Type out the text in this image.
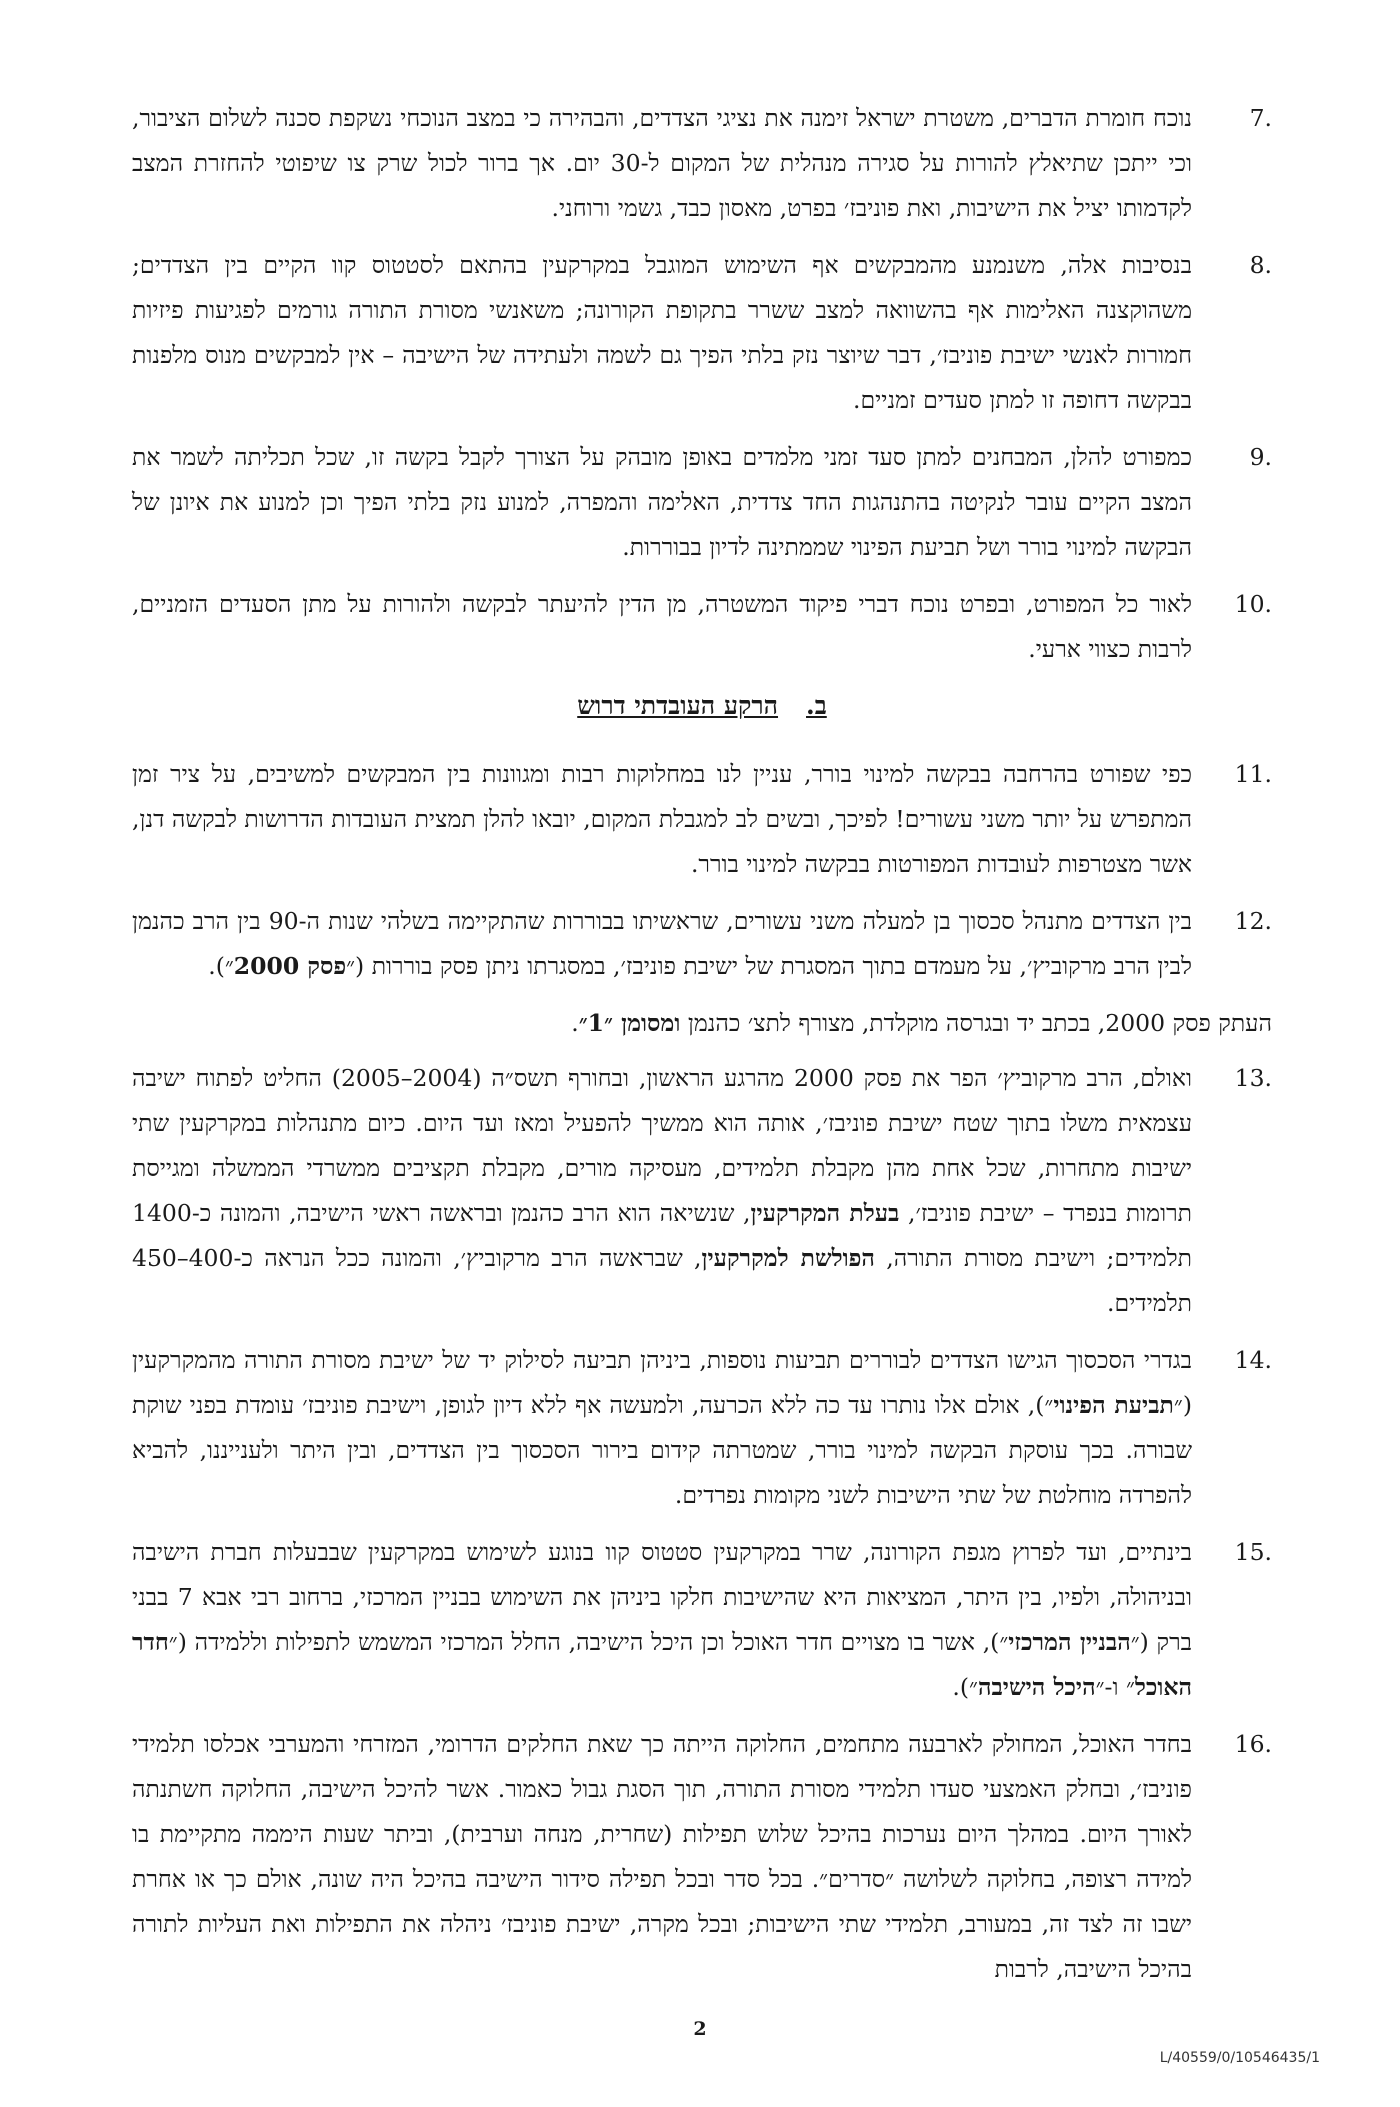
7.
נוכח חומרת הדברים, משטרת ישראל זימנה את נציגי הצדדים, והבהירה כי במצב הנוכחי נשקפת סכנה לשלום הציבור, וכי ייתכן שתיאלץ להורות על סגירה מנהלית של המקום ל-30 יום. אך ברור לכול שרק צו שיפוטי להחזרת המצב לקדמותו יציל את הישיבות, ואת פוניבז׳ בפרט, מאסון כבד, גשמי ורוחני.

8.
בנסיבות אלה, משנמנע מהמבקשים אף השימוש המוגבל במקרקעין בהתאם לסטטוס קוו הקיים בין הצדדים; משהוקצנה האלימות אף בהשוואה למצב ששרר בתקופת הקורונה; משאנשי מסורת התורה גורמים לפגיעות פיזיות חמורות לאנשי ישיבת פוניבז׳, דבר שיוצר נזק בלתי הפיך גם לשמה ולעתידה של הישיבה – אין למבקשים מנוס מלפנות בבקשה דחופה זו למתן סעדים זמניים.

9.
כמפורט להלן, המבחנים למתן סעד זמני מלמדים באופן מובהק על הצורך לקבל בקשה זו, שכל תכליתה לשמר את המצב הקיים עובר לנקיטה בהתנהגות החד צדדית, האלימה והמפרה, למנוע נזק בלתי הפיך וכן למנוע את איונן של הבקשה למינוי בורר ושל תביעת הפינוי שממתינה לדיון בבוררות.

10.
לאור כל המפורט, ובפרט נוכח דברי פיקוד המשטרה, מן הדין להיעתר לבקשה ולהורות על מתן הסעדים הזמניים, לרבות כצווי ארעי.

ב.הרקע העובדתי דרוש

11.
כפי שפורט בהרחבה בבקשה למינוי בורר, עניין לנו במחלוקות רבות ומגוונות בין המבקשים למשיבים, על ציר זמן המתפרש על יותר משני עשורים! לפיכך, ובשים לב למגבלת המקום, יובאו להלן תמצית העובדות הדרושות לבקשה דנן, אשר מצטרפות לעובדות המפורטות בבקשה למינוי בורר.

12.
בין הצדדים מתנהל סכסוך בן למעלה משני עשורים, שראשיתו בבוררות שהתקיימה בשלהי שנות ה-90 בין הרב כהנמן לבין הרב מרקוביץ׳, על מעמדם בתוך המסגרת של ישיבת פוניבז׳, במסגרתו ניתן פסק בוררות (״פסק 2000״).

העתק פסק 2000, בכתב יד ובגרסה מוקלדת, מצורף לתצ׳ כהנמן ומסומן ״1״.

13.
ואולם, הרב מרקוביץ׳ הפר את פסק 2000 מהרגע הראשון, ובחורף תשס״ה (2004–2005) החליט לפתוח ישיבה עצמאית משלו בתוך שטח ישיבת פוניבז׳, אותה הוא ממשיך להפעיל ומאז ועד היום. כיום מתנהלות במקרקעין שתי ישיבות מתחרות, שכל אחת מהן מקבלת תלמידים, מעסיקה מורים, מקבלת תקציבים ממשרדי הממשלה ומגייסת תרומות בנפרד – ישיבת פוניבז׳, בעלת המקרקעין, שנשיאה הוא הרב כהנמן ובראשה ראשי הישיבה, והמונה כ-1400 תלמידים; וישיבת מסורת התורה, הפולשת למקרקעין, שבראשה הרב מרקוביץ׳, והמונה ככל הנראה כ-400–450 תלמידים.

14.
בגדרי הסכסוך הגישו הצדדים לבוררים תביעות נוספות, ביניהן תביעה לסילוק יד של ישיבת מסורת התורה מהמקרקעין (״תביעת הפינוי״), אולם אלו נותרו עד כה ללא הכרעה, ולמעשה אף ללא דיון לגופן, וישיבת פוניבז׳ עומדת בפני שוקת שבורה. בכך עוסקת הבקשה למינוי בורר, שמטרתה קידום בירור הסכסוך בין הצדדים, ובין היתר ולענייננו, להביא להפרדה מוחלטת של שתי הישיבות לשני מקומות נפרדים.

15.
בינתיים, ועד לפרוץ מגפת הקורונה, שרר במקרקעין סטטוס קוו בנוגע לשימוש במקרקעין שבבעלות חברת הישיבה ובניהולה, ולפיו, בין היתר, המציאות היא שהישיבות חלקו ביניהן את השימוש בבניין המרכזי, ברחוב רבי אבא 7 בבני ברק (״הבניין המרכזי״), אשר בו מצויים חדר האוכל וכן היכל הישיבה, החלל המרכזי המשמש לתפילות וללמידה (״חדר האוכל״ ו-״היכל הישיבה״).

16.
בחדר האוכל, המחולק לארבעה מתחמים, החלוקה הייתה כך שאת החלקים הדרומי, המזרחי והמערבי אכלסו תלמידי פוניבז׳, ובחלק האמצעי סעדו תלמידי מסורת התורה, תוך הסגת גבול כאמור. אשר להיכל הישיבה, החלוקה חשתנתה לאורך היום. במהלך היום נערכות בהיכל שלוש תפילות (שחרית, מנחה וערבית), וביתר שעות היממה מתקיימת בו למידה רצופה, בחלוקה לשלושה ״סדרים״. בכל סדר ובכל תפילה סידור הישיבה בהיכל היה שונה, אולם כך או אחרת ישבו זה לצד זה, במעורב, תלמידי שתי הישיבות; ובכל מקרה, ישיבת פוניבז׳ ניהלה את התפילות ואת העליות לתורה בהיכל הישיבה, לרבות

2
L/40559/0/10546435/1
